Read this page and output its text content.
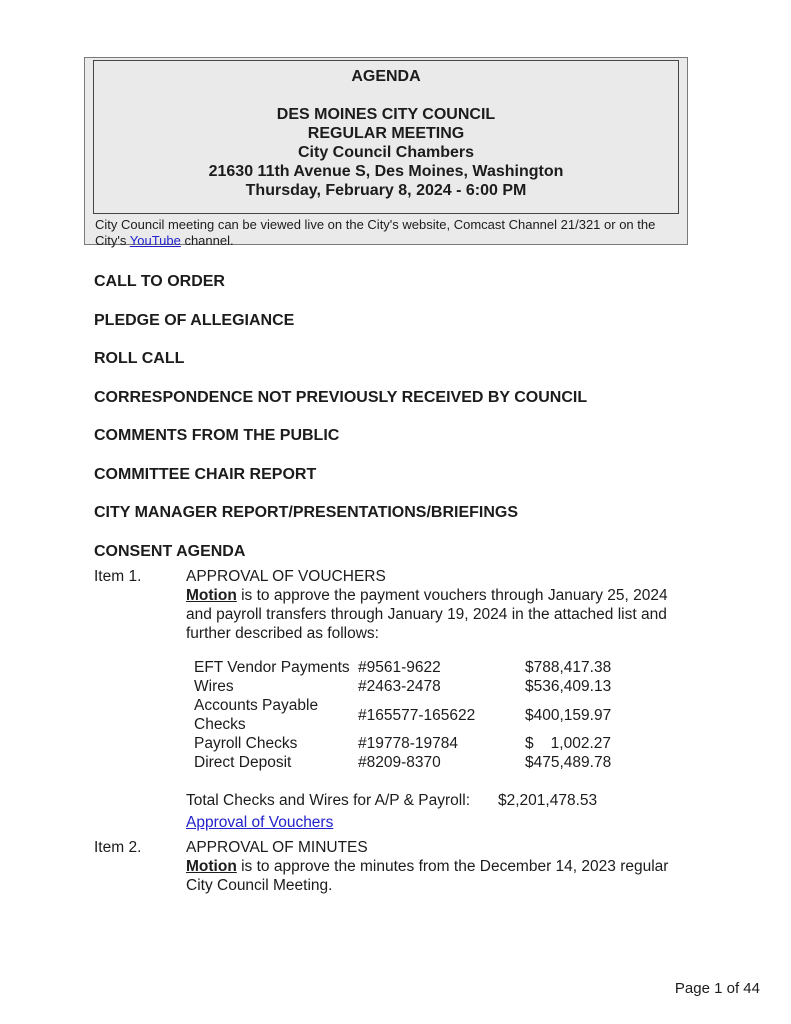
AGENDA
DES MOINES CITY COUNCIL
REGULAR MEETING
City Council Chambers
21630 11th Avenue S, Des Moines, Washington
Thursday, February 8, 2024 - 6:00 PM
City Council meeting can be viewed live on the City's website, Comcast Channel 21/321 or on the City's YouTube channel.
CALL TO ORDER
PLEDGE OF ALLEGIANCE
ROLL CALL
CORRESPONDENCE NOT PREVIOUSLY RECEIVED BY COUNCIL
COMMENTS FROM THE PUBLIC
COMMITTEE CHAIR REPORT
CITY MANAGER REPORT/PRESENTATIONS/BRIEFINGS
CONSENT AGENDA
Item 1.	APPROVAL OF VOUCHERS
Motion is to approve the payment vouchers through January 25, 2024 and payroll transfers through January 19, 2024 in the attached list and further described as follows:
EFT Vendor Payments	#9561-9622	$ 788,417.38

Wires	#2463-2478	$ 536,409.13

Accounts Payable Checks	#165577-165622	$ 400,159.97

Payroll Checks	#19778-19784	$ 1,002.27

Direct Deposit	#8209-8370	$ 475,489.78
Total Checks and Wires for A/P & Payroll:	$2,201,478.53
Approval of Vouchers
Item 2.	APPROVAL OF MINUTES
Motion is to approve the minutes from the December 14, 2023 regular City Council Meeting.
Page 1 of 44
